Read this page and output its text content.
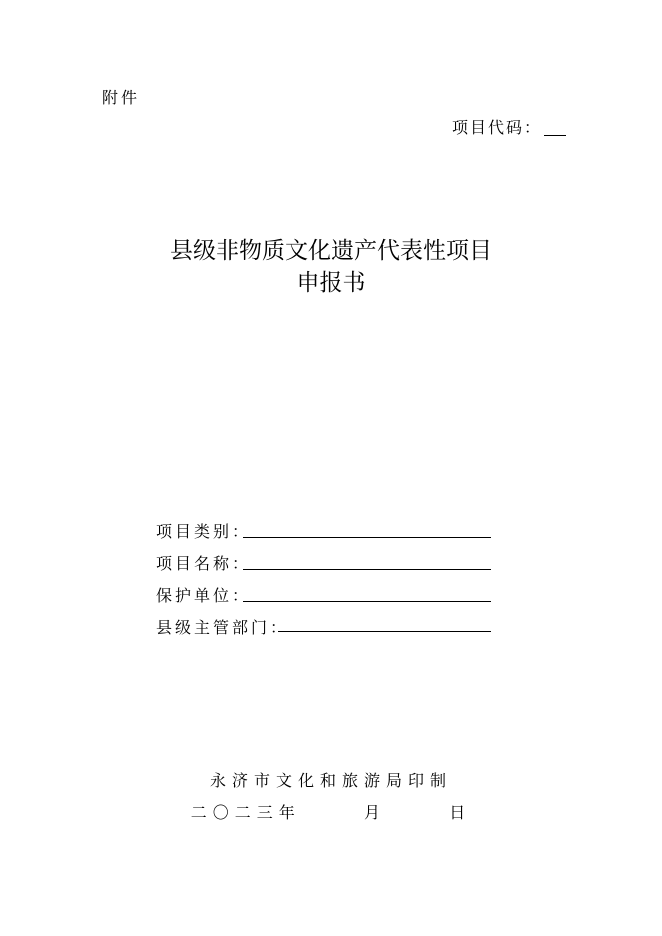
附件
项目代码：
县级非物质文化遗产代表性项目
申报书
项目类别：
项目名称：
保护单位：
县级主管部门：
永济市文化和旅游局印制
二〇二三年   月   日
